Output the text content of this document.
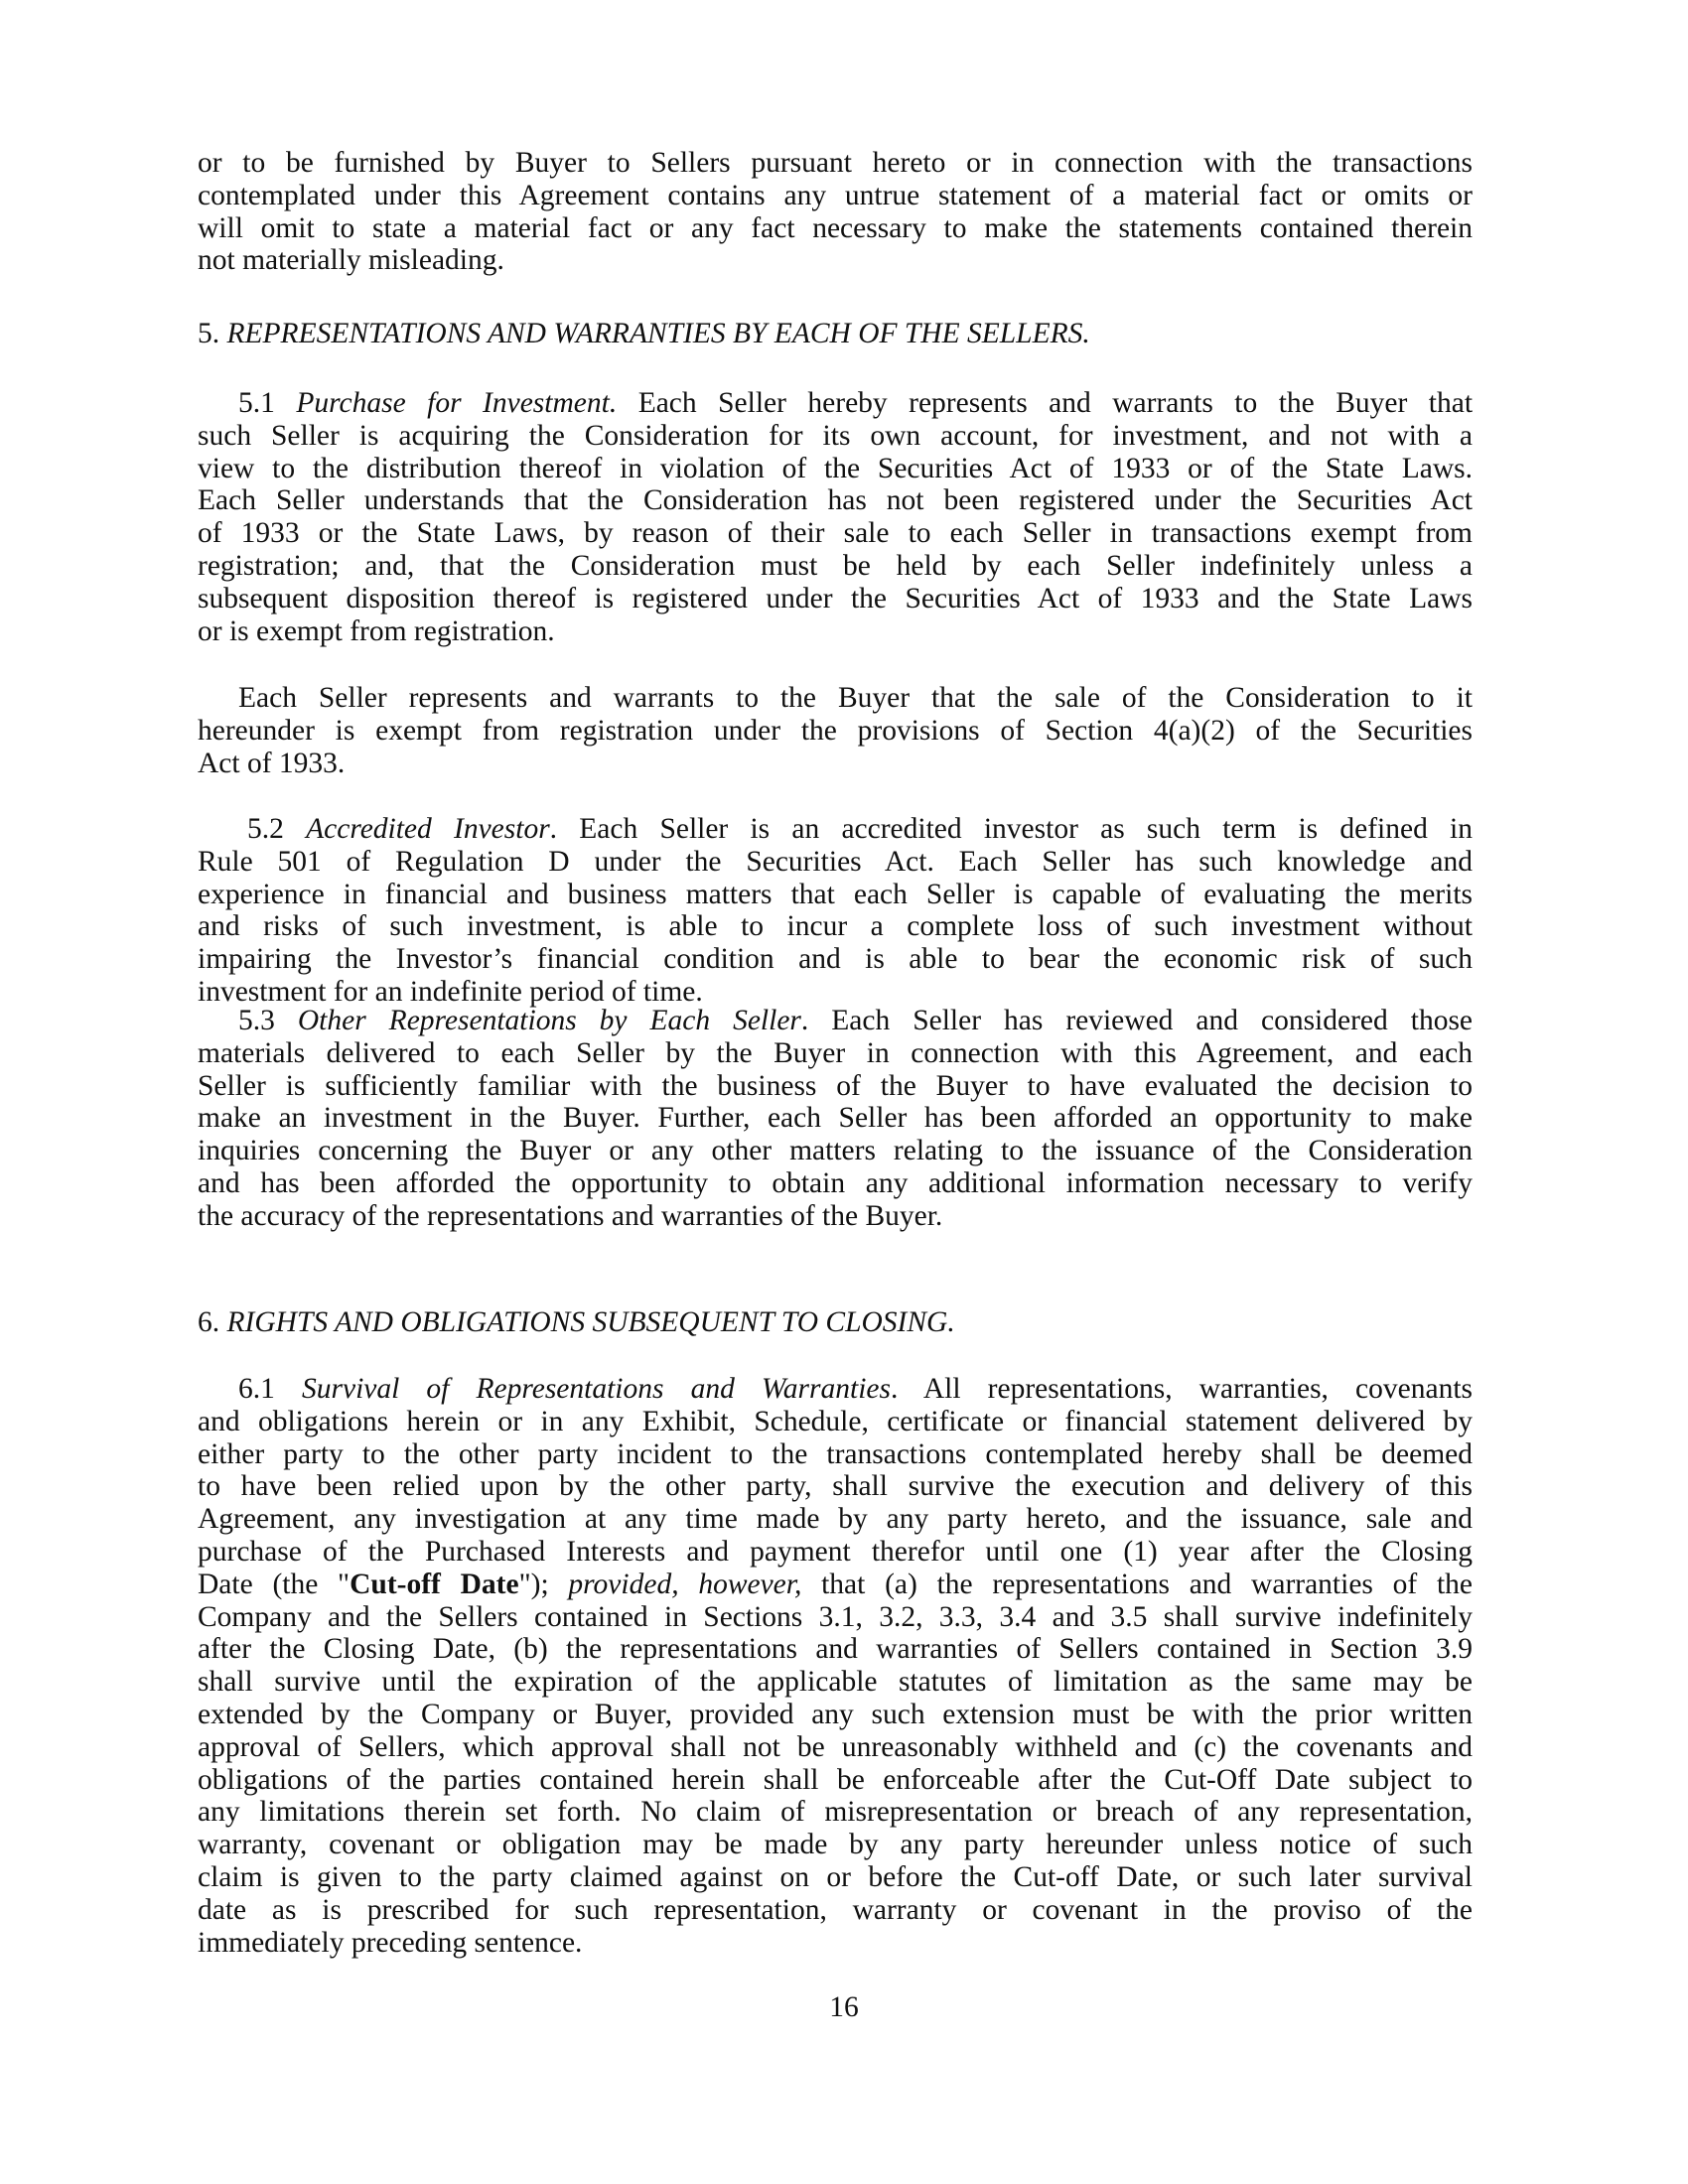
or to be furnished by Buyer to Sellers pursuant hereto or in connection with the transactions
contemplated under this Agreement contains any untrue statement of a material fact or omits or
will omit to state a material fact or any fact necessary to make the statements contained therein
not materially misleading.
5. REPRESENTATIONS AND WARRANTIES BY EACH OF THE SELLERS.
5.1 Purchase for Investment. Each Seller hereby represents and warrants to the Buyer that
such Seller is acquiring the Consideration for its own account, for investment, and not with a
view to the distribution thereof in violation of the Securities Act of 1933 or of the State Laws.
Each Seller understands that the Consideration has not been registered under the Securities Act
of 1933 or the State Laws, by reason of their sale to each Seller in transactions exempt from
registration; and, that the Consideration must be held by each Seller indefinitely unless a
subsequent disposition thereof is registered under the Securities Act of 1933 and the State Laws
or is exempt from registration.
Each Seller represents and warrants to the Buyer that the sale of the Consideration to it
hereunder is exempt from registration under the provisions of Section 4(a)(2) of the Securities
Act of 1933.
5.2 Accredited Investor. Each Seller is an accredited investor as such term is defined in
Rule 501 of Regulation D under the Securities Act. Each Seller has such knowledge and
experience in financial and business matters that each Seller is capable of evaluating the merits
and risks of such investment, is able to incur a complete loss of such investment without
impairing the Investor’s financial condition and is able to bear the economic risk of such
investment for an indefinite period of time.
5.3 Other Representations by Each Seller. Each Seller has reviewed and considered those
materials delivered to each Seller by the Buyer in connection with this Agreement, and each
Seller is sufficiently familiar with the business of the Buyer to have evaluated the decision to
make an investment in the Buyer. Further, each Seller has been afforded an opportunity to make
inquiries concerning the Buyer or any other matters relating to the issuance of the Consideration
and has been afforded the opportunity to obtain any additional information necessary to verify
the accuracy of the representations and warranties of the Buyer.
6. RIGHTS AND OBLIGATIONS SUBSEQUENT TO CLOSING.
6.1 Survival of Representations and Warranties. All representations, warranties, covenants
and obligations herein or in any Exhibit, Schedule, certificate or financial statement delivered by
either party to the other party incident to the transactions contemplated hereby shall be deemed
to have been relied upon by the other party, shall survive the execution and delivery of this
Agreement, any investigation at any time made by any party hereto, and the issuance, sale and
purchase of the Purchased Interests and payment therefor until one (1) year after the Closing
Date (the "Cut-off Date"); provided, however, that (a) the representations and warranties of the
Company and the Sellers contained in Sections 3.1, 3.2, 3.3, 3.4 and 3.5 shall survive indefinitely
after the Closing Date, (b) the representations and warranties of Sellers contained in Section 3.9
shall survive until the expiration of the applicable statutes of limitation as the same may be
extended by the Company or Buyer, provided any such extension must be with the prior written
approval of Sellers, which approval shall not be unreasonably withheld and (c) the covenants and
obligations of the parties contained herein shall be enforceable after the Cut-Off Date subject to
any limitations therein set forth. No claim of misrepresentation or breach of any representation,
warranty, covenant or obligation may be made by any party hereunder unless notice of such
claim is given to the party claimed against on or before the Cut-off Date, or such later survival
date as is prescribed for such representation, warranty or covenant in the proviso of the
immediately preceding sentence.
16
